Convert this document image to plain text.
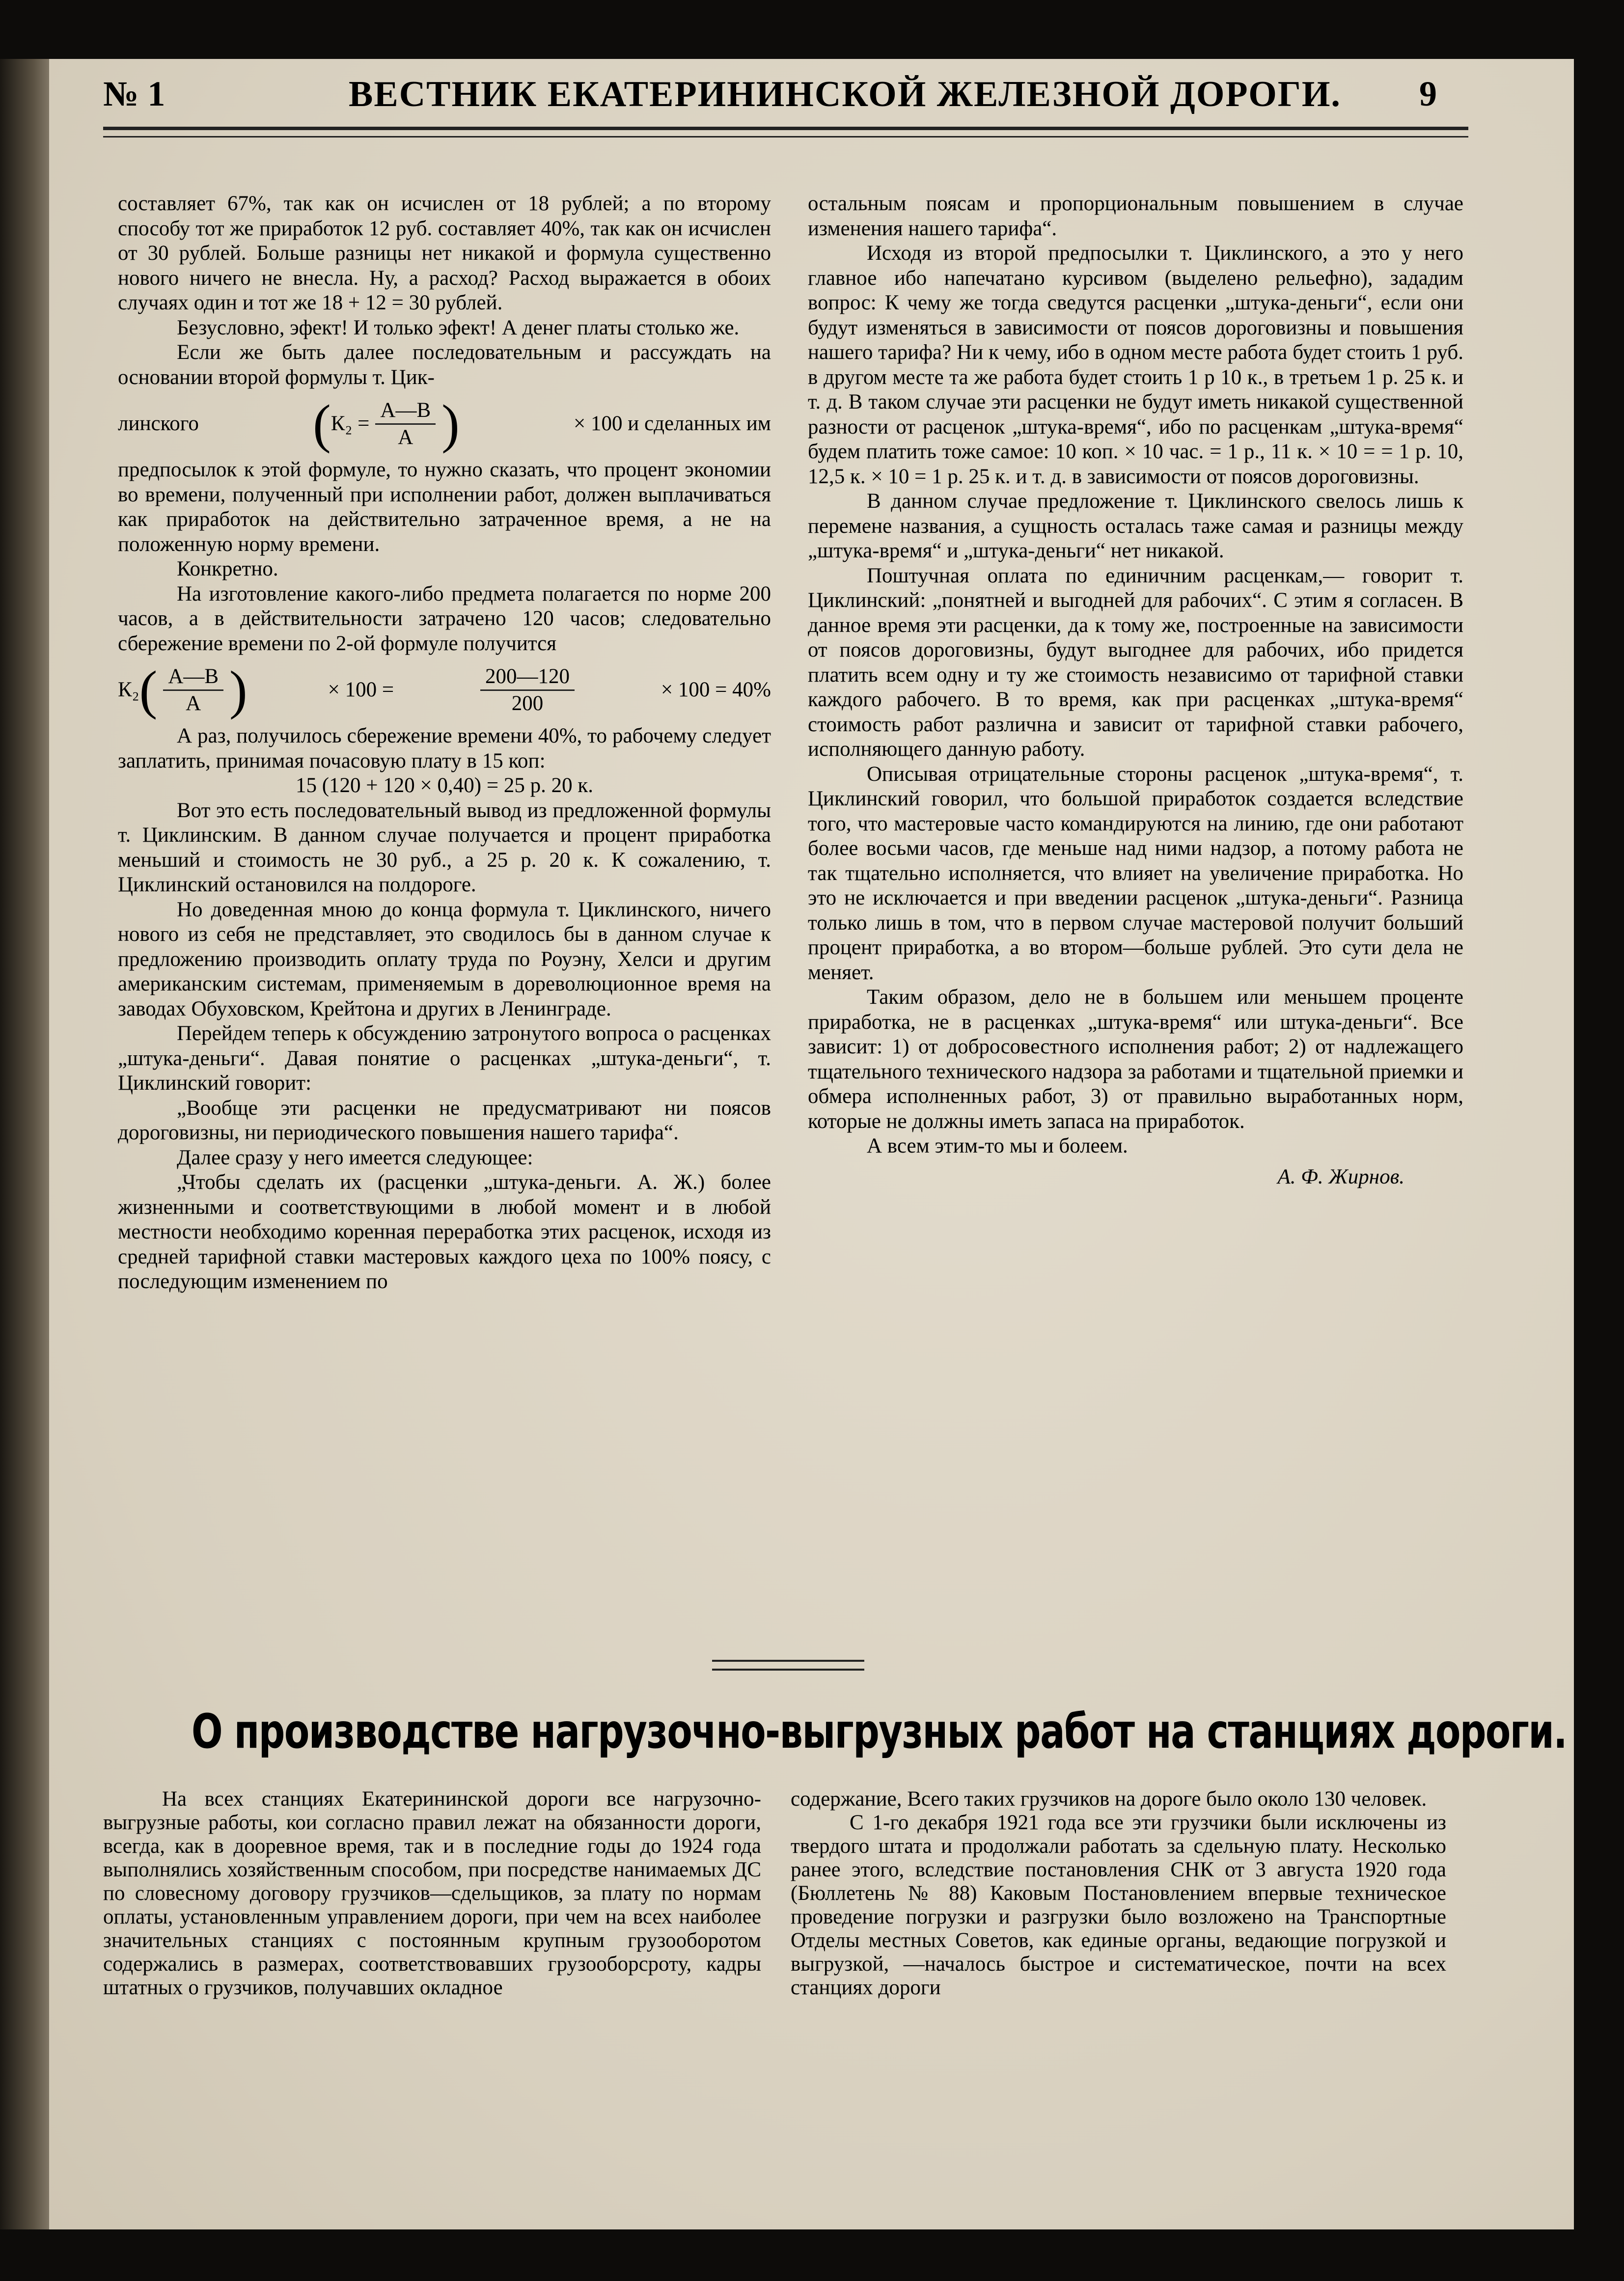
№ 1	ВЕСТНИК ЕКАТЕРИНИНСКОЙ ЖЕЛЕЗНОЙ ДОРОГИ. 9

составляет 67%, так как он исчислен от 18 рублей; а по второму способу тот же приработок 12 руб. составляет 40%, так как он исчислен от 30 рублей. Больше разницы нет никакой и формула существенно нового ничего не внесла. Ну, а расход? Расход выражается в обоих случаях один и тот же 18 + 12 = 30 рублей.

Безусловно, эфект! И только эфект! А денег платы столько же.

Если же быть далее последовательным и рассуждать на основании второй формулы т. Цик-

линского ( $К_2 = \frac{А—В}{А}$ )	× 100 и сделанных им

предпосылок к этой формуле, то нужно сказать, что процент экономии во времени, полученный при исполнении работ, должен выплачиваться как приработок на действительно затраченное время, а не на положенную норму времени.

Конкретно.

На изготовление какого-либо предмета полагается по норме 200 часов, а в действительности затрачено 120 часов; следовательно сбережение времени по 2-ой формуле получится

К₂ ( $\frac{А—В}{А}$ )	× 100 =	$\frac{200—120}{200}$	× 100 = 40%

А раз, получилось сбережение времени 40%, то рабочему следует заплатить, принимая почасовую плату в 15 коп:

15 (120 + 120 × 0,40) = 25 р. 20 к.

Вот это есть последовательный вывод из предложенной формулы т. Циклинским. В данном случае получается и процент приработка меньший и стоимость не 30 руб., а 25 р. 20 к. К сожалению, т. Циклинский остановился на полдороге.

Но доведенная мною до конца формула т. Циклинского, ничего нового из себя не представляет, это сводилось бы в данном случае к предложению производить оплату труда по Роуэну, Хелси и другим американским системам, применяемым в дореволюционное время на заводах Обуховском, Крейтона и других в Ленинграде.

Перейдем теперь к обсуждению затронутого вопроса о расценках „штука-деньги“. Давая понятие о расценках „штука-деньги“, т. Циклинский говорит:

„Вообще эти расценки не предусматривают ни поясов дороговизны, ни периодического повышения нашего тарифа“.

Далее сразу у него имеется следующее:

„Чтобы сделать их (расценки „штука-деньги. А. Ж.) более жизненными и соответствующими в любой момент и в любой местности необходимо коренная переработка этих расценок, исходя из средней тарифной ставки мастеровых каждого цеха по 100% поясу, с последующим изменением по

остальным поясам и пропорциональным повышением в случае изменения нашего тарифа“.

Исходя из второй предпосылки т. Циклинского, а это у него главное ибо напечатано курсивом (выделено рельефно), зададим вопрос: К чему же тогда сведутся расценки „штука-деньги“, если они будут изменяться в зависимости от поясов дороговизны и повышения нашего тарифа? Ни к чему, ибо в одном месте работа будет стоить 1 руб. в другом месте та же работа будет стоить 1 р 10 к., в третьем 1 р. 25 к. и т. д. В таком случае эти расценки не будут иметь никакой существенной разности от расценок „штука-время“, ибо по расценкам „штука-время“ будем платить тоже самое: 10 коп. × 10 час. = 1 р., 11 к. × 10 = = 1 р. 10, 12,5 к. × 10 = 1 р. 25 к. и т. д. в зависимости от поясов дороговизны.

В данном случае предложение т. Циклинского свелось лишь к перемене названия, а сущность осталась таже самая и разницы между „штука-время“ и „штука-деньги“ нет никакой.

Поштучная оплата по единичним расценкам,— говорит т. Циклинский: „понятней и выгодней для рабочих“. С этим я согласен. В данное время эти расценки, да к тому же, построенные на зависимости от поясов дороговизны, будут выгоднее для рабочих, ибо придется платить всем одну и ту же стоимость независимо от тарифной ставки каждого рабочего. В то время, как при расценках „штука-время“ стоимость работ различна и зависит от тарифной ставки рабочего, исполняющего данную работу.

Описывая отрицательные стороны расценок „штука-время“, т. Циклинский говорил, что большой приработок создается вследствие того, что мастеровые часто командируются на линию, где они работают более восьми часов, где меньше над ними надзор, а потому работа не так тщательно исполняется, что влияет на увеличение приработка. Но это не исключается и при введении расценок „штука-деньги“. Разница только лишь в том, что в первом случае мастеровой получит больший процент приработка, а во втором—больше рублей. Это сути дела не меняет.

Таким образом, дело не в большем или меньшем проценте приработка, не в расценках „штука-время“ или штука-деньги“. Все зависит: 1) от добросовестного исполнения работ; 2) от надлежащего тщательного технического надзора за работами и тщательной приемки и обмера исполненных работ, 3) от правильно выработанных норм, которые не должны иметь запаса на приработок.

А всем этим-то мы и болеем.

А. Ф. Жирнов.

О производстве нагрузочно-выгрузных работ на станциях дороги.

На всех станциях Екатерининской дороги все нагрузочно-выгрузные работы, кои согласно правил лежат на обязанности дороги, всегда, как в дооревное время, так и в последние годы до 1924 года выполнялись хозяйственным способом, при посредстве нанимаемых ДС по словесному договору грузчиков—сдельщиков, за плату по нормам оплаты, установленным управлением дороги, при чем на всех наиболее значительных станциях с постоянным крупным грузооборотом содержались в размерах, соответствовавших грузооборсроту, кадры штатных о грузчиков, получавших окладное

содержание, Всего таких грузчиков на дороге было около 130 человек.

С 1-го декабря 1921 года все эти грузчики были исключены из твердого штата и продолжали работать за сдельную плату. Несколько ранее этого, вследствие постановления СНК от 3 августа 1920 года (Бюллетень № 88) Каковым Постановлением впервые техническое проведение погрузки и разгрузки было возложено на Транспортные Отделы местных Советов, как единые органы, ведающие погрузкой и выгрузкой, —началось быстрое и систематическое, почти на всех станциях дороги
